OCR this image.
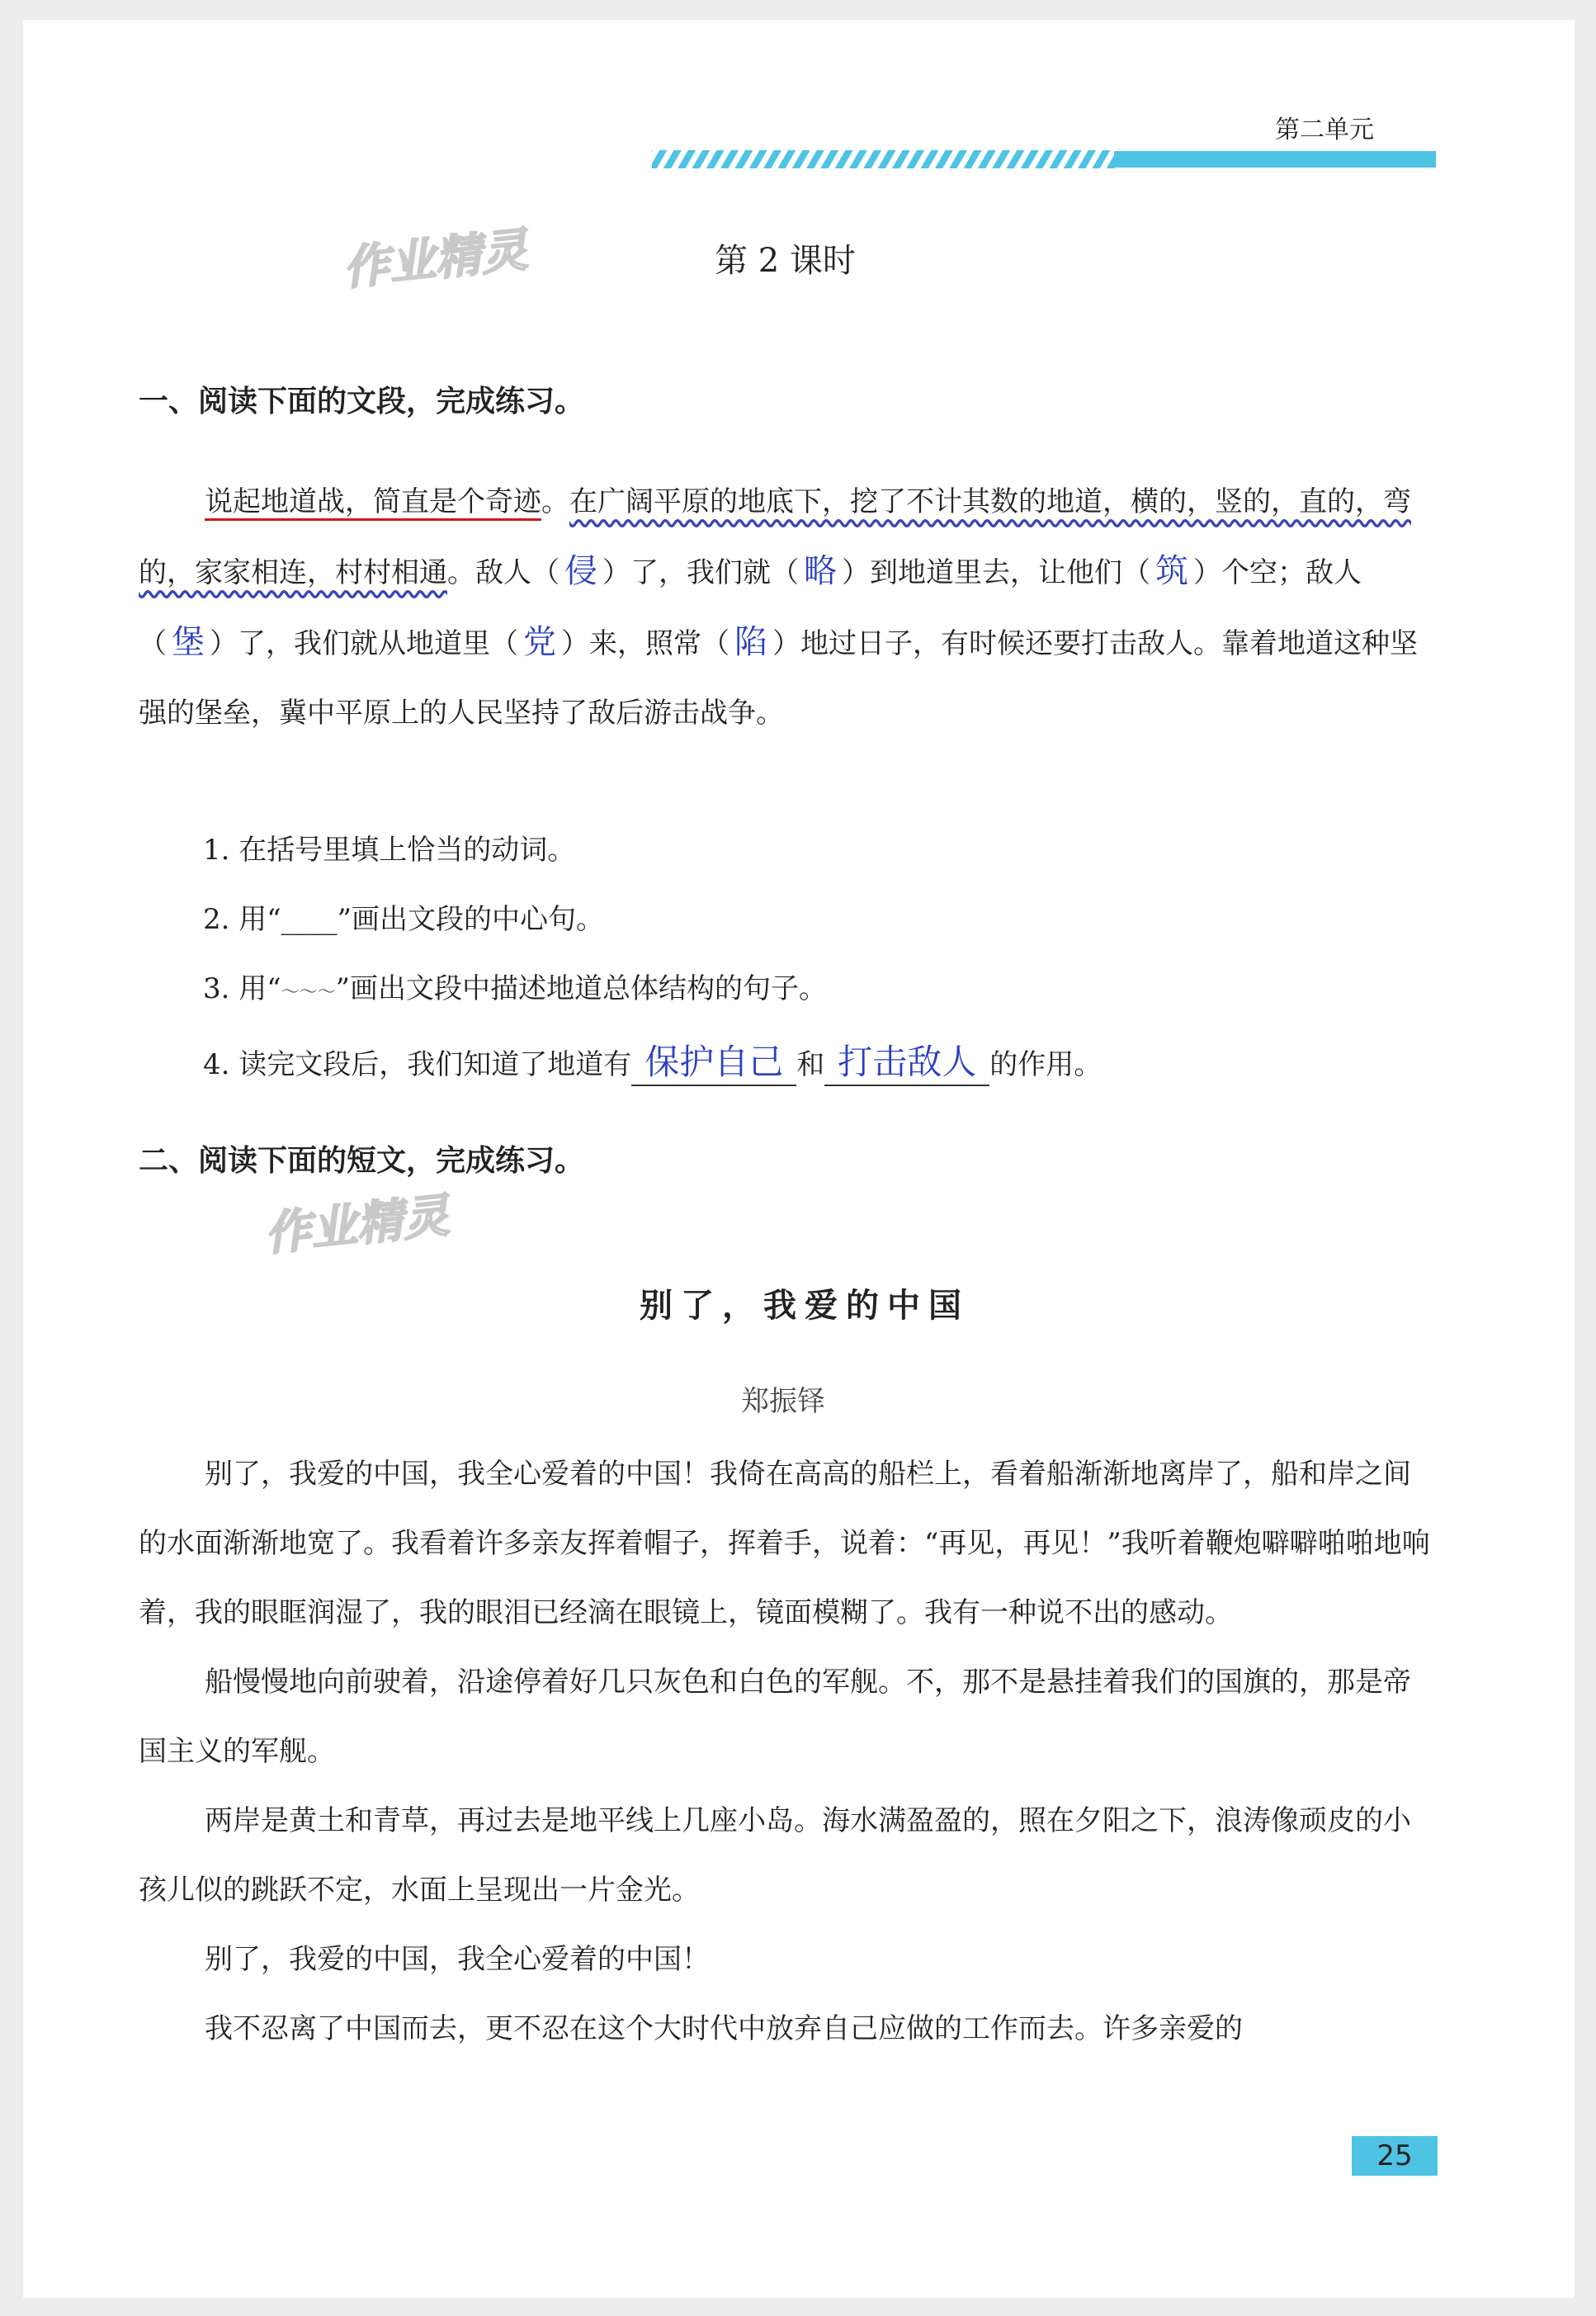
第二单元
作业精灵	第 2 课时
一、阅读下面的文段，完成练习。
说起地道战，简直是个奇迹。在广阔平原的地底下，挖了不计其数的地道，横的，竖的，直的，弯的，家家相连，村村相通。敌人（ 侵 ）了，我们就（ 略 ）到地道里去，让他们（ 筑 ）个空；敌人（ 堡 ）了，我们就从地道里（ 党 ）来，照常（ 陷 ）地过日子，有时候还要打击敌人。靠着地道这种坚强的堡垒，冀中平原上的人民坚持了敌后游击战争。
1. 在括号里填上恰当的动词。
2. 用“____”画出文段的中心句。
3. 用“～～～”画出文段中描述地道总体结构的句子。
4. 读完文段后，我们知道了地道有 保护自己 和 打击敌人 的作用。
二、阅读下面的短文，完成练习。
作业精灵
别了，我爱的中国
郑振铎

别了，我爱的中国，我全心爱着的中国！我倚在高高的船栏上，看着船渐渐地离岸了，船和岸之间的水面渐渐地宽了。我看着许多亲友挥着帽子，挥着手，说着：“再见，再见！”我听着鞭炮噼噼啪啪地响着，我的眼眶润湿了，我的眼泪已经滴在眼镜上，镜面模糊了。我有一种说不出的感动。

船慢慢地向前驶着，沿途停着好几只灰色和白色的军舰。不，那不是悬挂着我们的国旗的，那是帝国主义的军舰。

两岸是黄土和青草，再过去是地平线上几座小岛。海水满盈盈的，照在夕阳之下，浪涛像顽皮的小孩儿似的跳跃不定，水面上呈现出一片金光。

别了，我爱的中国，我全心爱着的中国！

我不忍离了中国而去，更不忍在这个大时代中放弃自己应做的工作而去。许多亲爱的

25
